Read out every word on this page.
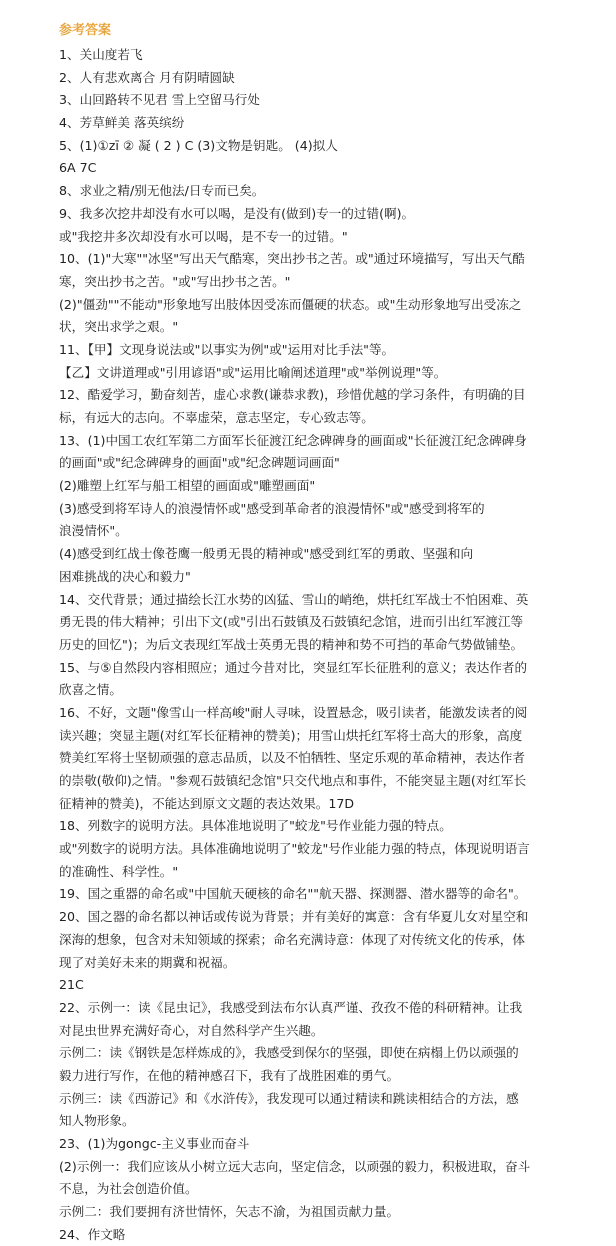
参考答案
1、关山度若飞
2、人有悲欢离合 月有阴晴圆缺
3、山回路转不见君 雪上空留马行处
4、芳草鲜美 落英缤纷
5、(1)①zī ② 凝 ( 2 ) C (3)文物是钥匙。 (4)拟人
6A 7C
8、求业之精/别无他法/日专而已矣。
9、我多次挖井却没有水可以喝，是没有(做到)专一的过错(啊)。
或"我挖井多次却没有水可以喝，是不专一的过错。"
10、(1)"大寒""冰坚"写出天气酷寒，突出抄书之苦。或"通过环境描写，写出天气酷
寒，突出抄书之苦。"或"写出抄书之苦。"
(2)"僵劲""不能动"形象地写出肢体因受冻而僵硬的状态。或"生动形象地写出受冻之
状，突出求学之艰。"
11、【甲】文现身说法或"以事实为例"或"运用对比手法"等。
【乙】文讲道理或"引用谚语"或"运用比喻阐述道理"或"举例说理"等。
12、酷爱学习，勤奋刻苦，虚心求教(谦恭求教)，珍惜优越的学习条件，有明确的目
标，有远大的志向。不辜虚荣，意志坚定，专心致志等。
13、(1)中国工农红军第二方面军长征渡江纪念碑碑身的画面或"长征渡江纪念碑碑身
的画面"或"纪念碑碑身的画面"或"纪念碑题词画面"
(2)雕塑上红军与船工相望的画面或"雕塑画面"
(3)感受到将军诗人的浪漫情怀或"感受到革命者的浪漫情怀"或"感受到将军的
浪漫情怀"。
(4)感受到红战士像苍鹰一般勇无畏的精神或"感受到红军的勇敢、坚强和向
困难挑战的决心和毅力"
14、交代背景；通过描绘长江水势的凶猛、雪山的峭绝，烘托红军战士不怕困难、英
勇无畏的伟大精神；引出下文(或"引出石鼓镇及石鼓镇纪念馆，进而引出红军渡江等
历史的回忆")；为后文表现红军战士英勇无畏的精神和势不可挡的革命气势做铺垫。
15、与⑤自然段内容相照应；通过今昔对比，突显红军长征胜利的意义；表达作者的
欣喜之情。
16、不好，文题"像雪山一样高峻"耐人寻味，设置悬念，吸引读者，能激发读者的阅
读兴趣；突显主题(对红军长征精神的赞美)；用雪山烘托红军将士高大的形象，高度
赞美红军将士坚韧顽强的意志品质，以及不怕牺牲、坚定乐观的革命精神，表达作者
的崇敬(敬仰)之情。"参观石鼓镇纪念馆"只交代地点和事件，不能突显主题(对红军长
征精神的赞美)，不能达到原文文题的表达效果。17D
18、列数字的说明方法。具体准地说明了"蛟龙"号作业能力强的特点。
或"列数字的说明方法。具体准确地说明了"蛟龙"号作业能力强的特点，体现说明语言
的准确性、科学性。"
19、国之重器的命名或"中国航天硬核的命名""航天器、探测器、潜水器等的命名"。
20、国之器的命名都以神话或传说为背景；并有美好的寓意：含有华夏儿女对星空和
深海的想象，包含对未知领域的探索；命名充满诗意：体现了对传统文化的传承，体
现了对美好未来的期冀和祝福。
21C
22、示例一：读《昆虫记》，我感受到法布尔认真严谨、孜孜不倦的科研精神。让我
对昆虫世界充满好奇心，对自然科学产生兴趣。
示例二：读《钢铁是怎样炼成的》，我感受到保尔的坚强，即使在病榻上仍以顽强的
毅力进行写作，在他的精神感召下，我有了战胜困难的勇气。
示例三：读《西游记》和《水浒传》，我发现可以通过精读和跳读相结合的方法，感
知人物形象。
23、(1)为gongc-主义事业而奋斗
(2)示例一：我们应该从小树立远大志向，坚定信念，以顽强的毅力，积极进取，奋斗
不息，为社会创造价值。
示例二：我们要拥有济世情怀，矢志不渝，为祖国贡献力量。
24、作文略
